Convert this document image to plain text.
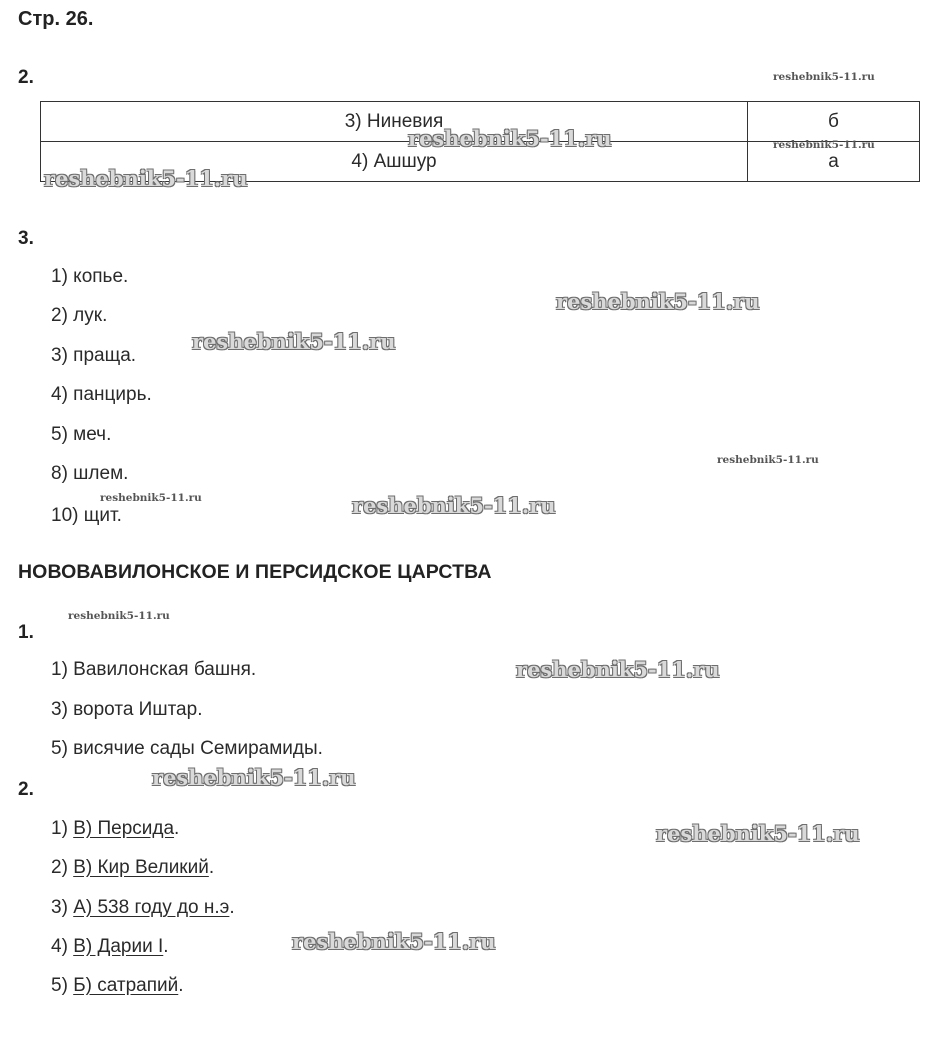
Стр. 26.
2.
3) Ниневия	б
4) Ашшур	а
3.
1) копье.
2) лук.
3) праща.
4) панцирь.
5) меч.
8) шлем.
10) щит.
НОВОВАВИЛОНСКОЕ И ПЕРСИДСКОЕ ЦАРСТВА
1.
1) Вавилонская башня.
3) ворота Иштар.
5) висячие сады Семирамиды.
2.
1) В) Персида.
2) В) Кир Великий.
3) А) 538 году до н.э.
4) В) Дарии I.
5) Б) сатрапий.
reshebnik5-11.ru
reshebnik5-11.ru	reshebnik5-11.ru
reshebnik5-11.ru
reshebnik5-11.ru
reshebnik5-11.ru
reshebnik5-11.ru
reshebnik5-11.ru	reshebnik5-11.ru
reshebnik5-11.ru
reshebnik5-11.ru
reshebnik5-11.ru
reshebnik5-11.ru
reshebnik5-11.ru
